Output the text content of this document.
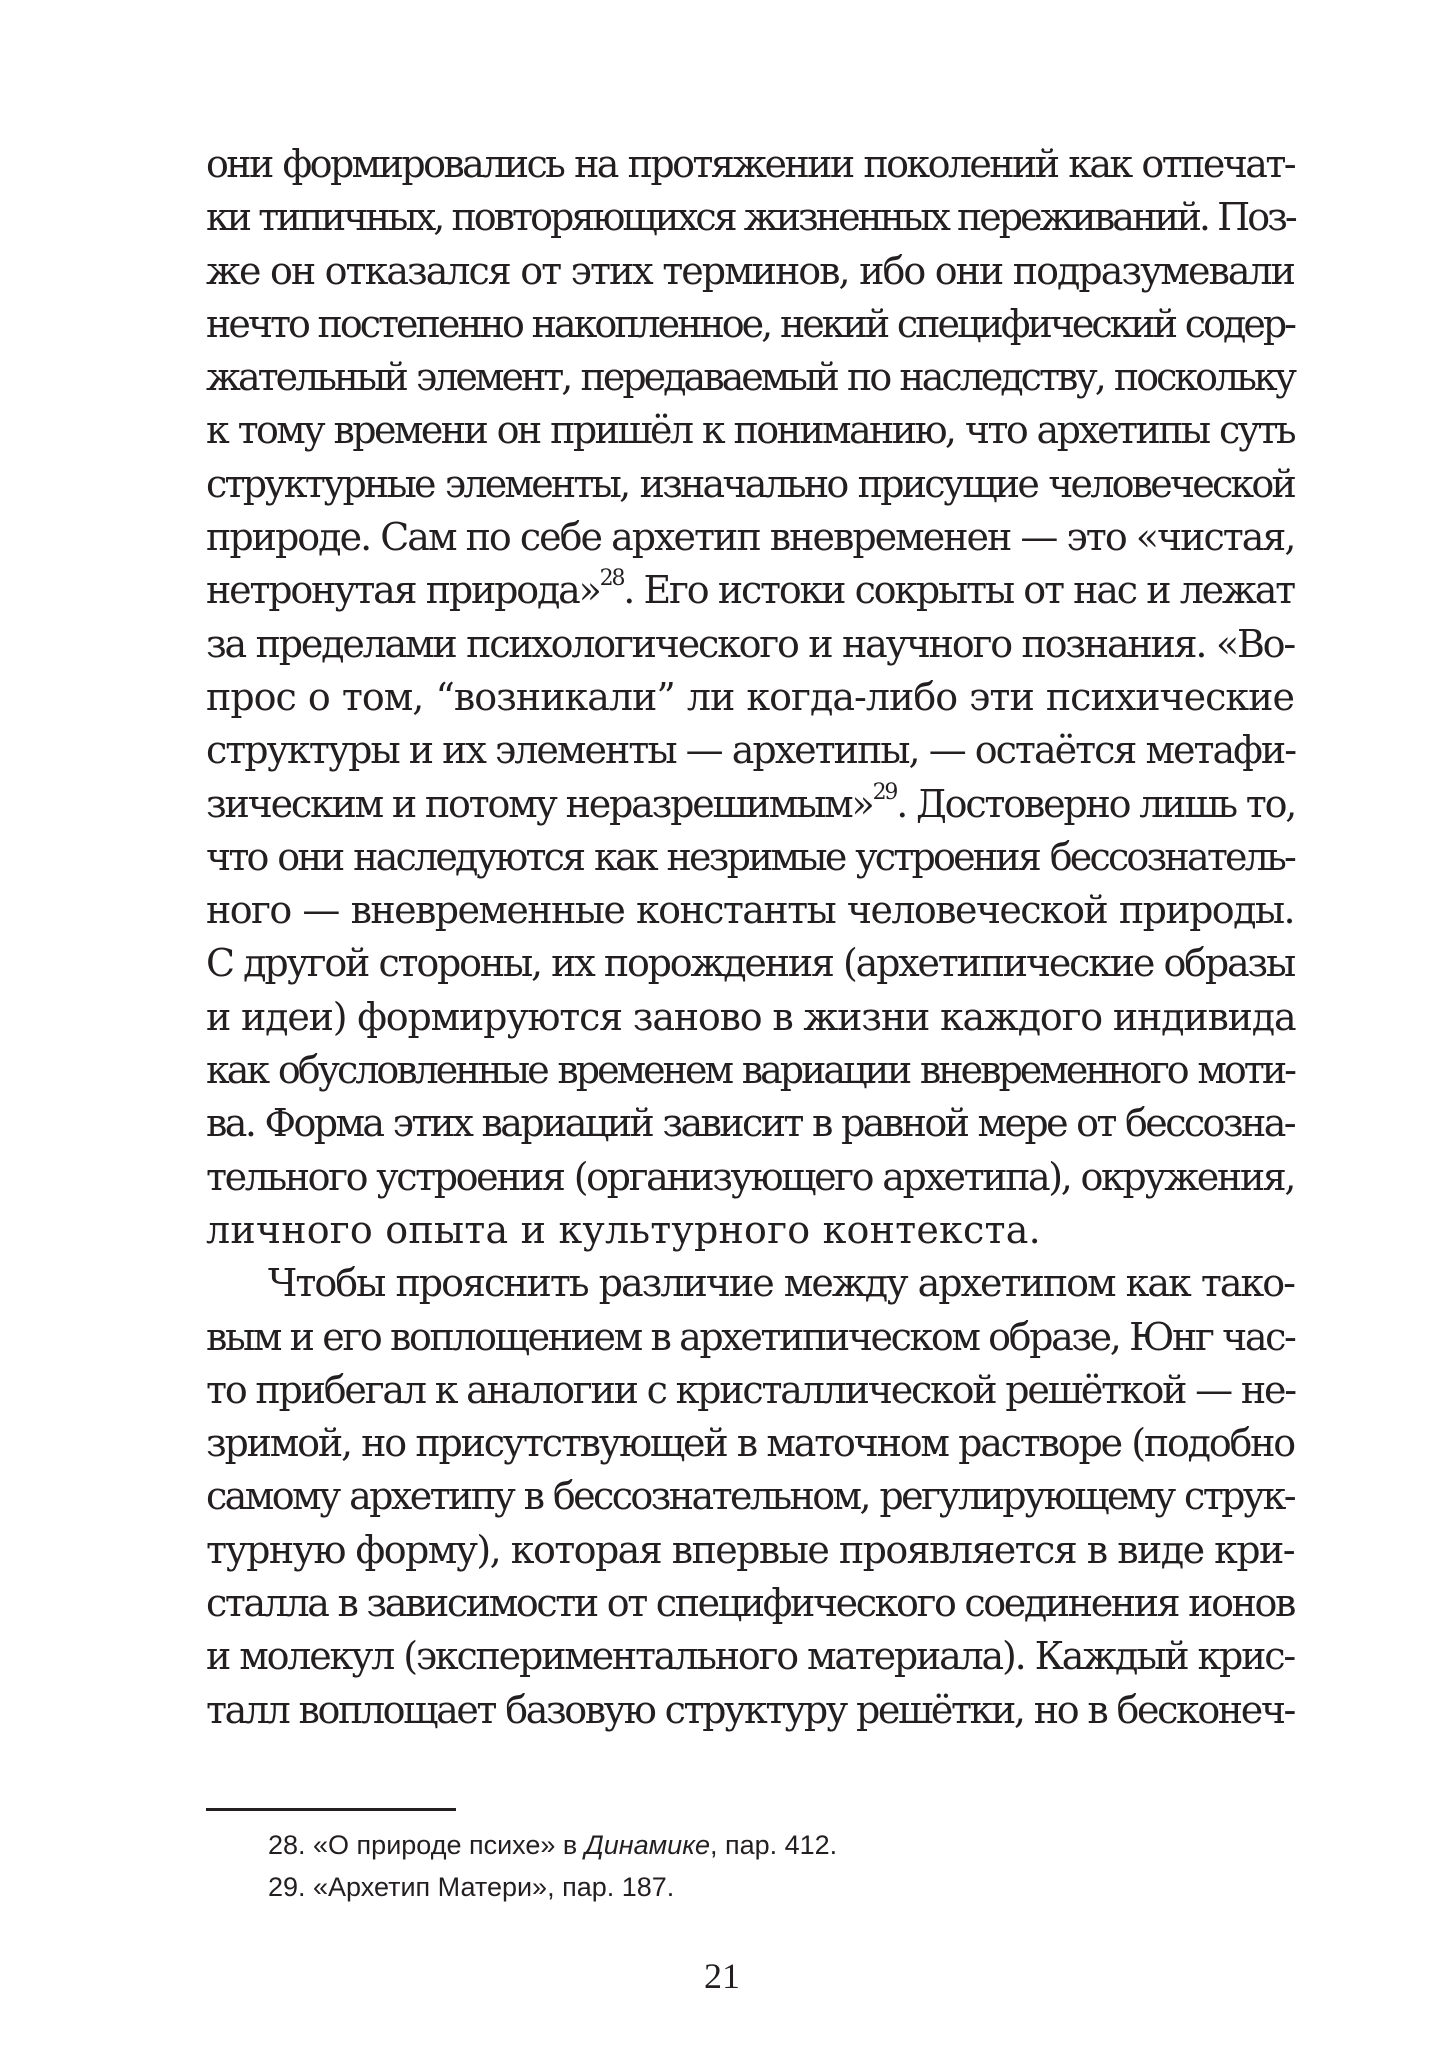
они формировались на протяжении поколений как отпечат-
ки типичных, повторяющихся жизненных переживаний. Поз-
же он отказался от этих терминов, ибо они подразумевали
нечто постепенно накопленное, некий специфический содер-
жательный элемент, передаваемый по наследству, поскольку
к тому времени он пришёл к пониманию, что архетипы суть
структурные элементы, изначально присущие человеческой
природе. Сам по себе архетип вневременен — это «чистая,
нетронутая природа»$^{28}$. Его истоки сокрыты от нас и лежат
за пределами психологического и научного познания. «Во-
прос о том, “возникали” ли когда-либо эти психические
структуры и их элементы — архетипы, — остаётся метафи-
зическим и потому неразрешимым»$^{29}$. Достоверно лишь то,
что они наследуются как незримые устроения бессознатель-
ного — вневременные константы человеческой природы.
С другой стороны, их порождения (архетипические образы
и идеи) формируются заново в жизни каждого индивида
как обусловленные временем вариации вневременного моти-
ва. Форма этих вариаций зависит в равной мере от бессозна-
тельного устроения (организующего архетипа), окружения,
личного опыта и культурного контекста.
Чтобы прояснить различие между архетипом как тако-
вым и его воплощением в архетипическом образе, Юнг час-
то прибегал к аналогии с кристаллической решёткой — не-
зримой, но присутствующей в маточном растворе (подобно
самому архетипу в бессознательном, регулирующему струк-
турную форму), которая впервые проявляется в виде кри-
сталла в зависимости от специфического соединения ионов
и молекул (экспериментального материала). Каждый крис-
талл воплощает базовую структуру решётки, но в бесконеч-
28. «О природе психе» в Динамике, пар. 412.
29. «Архетип Матери», пар. 187.
21
